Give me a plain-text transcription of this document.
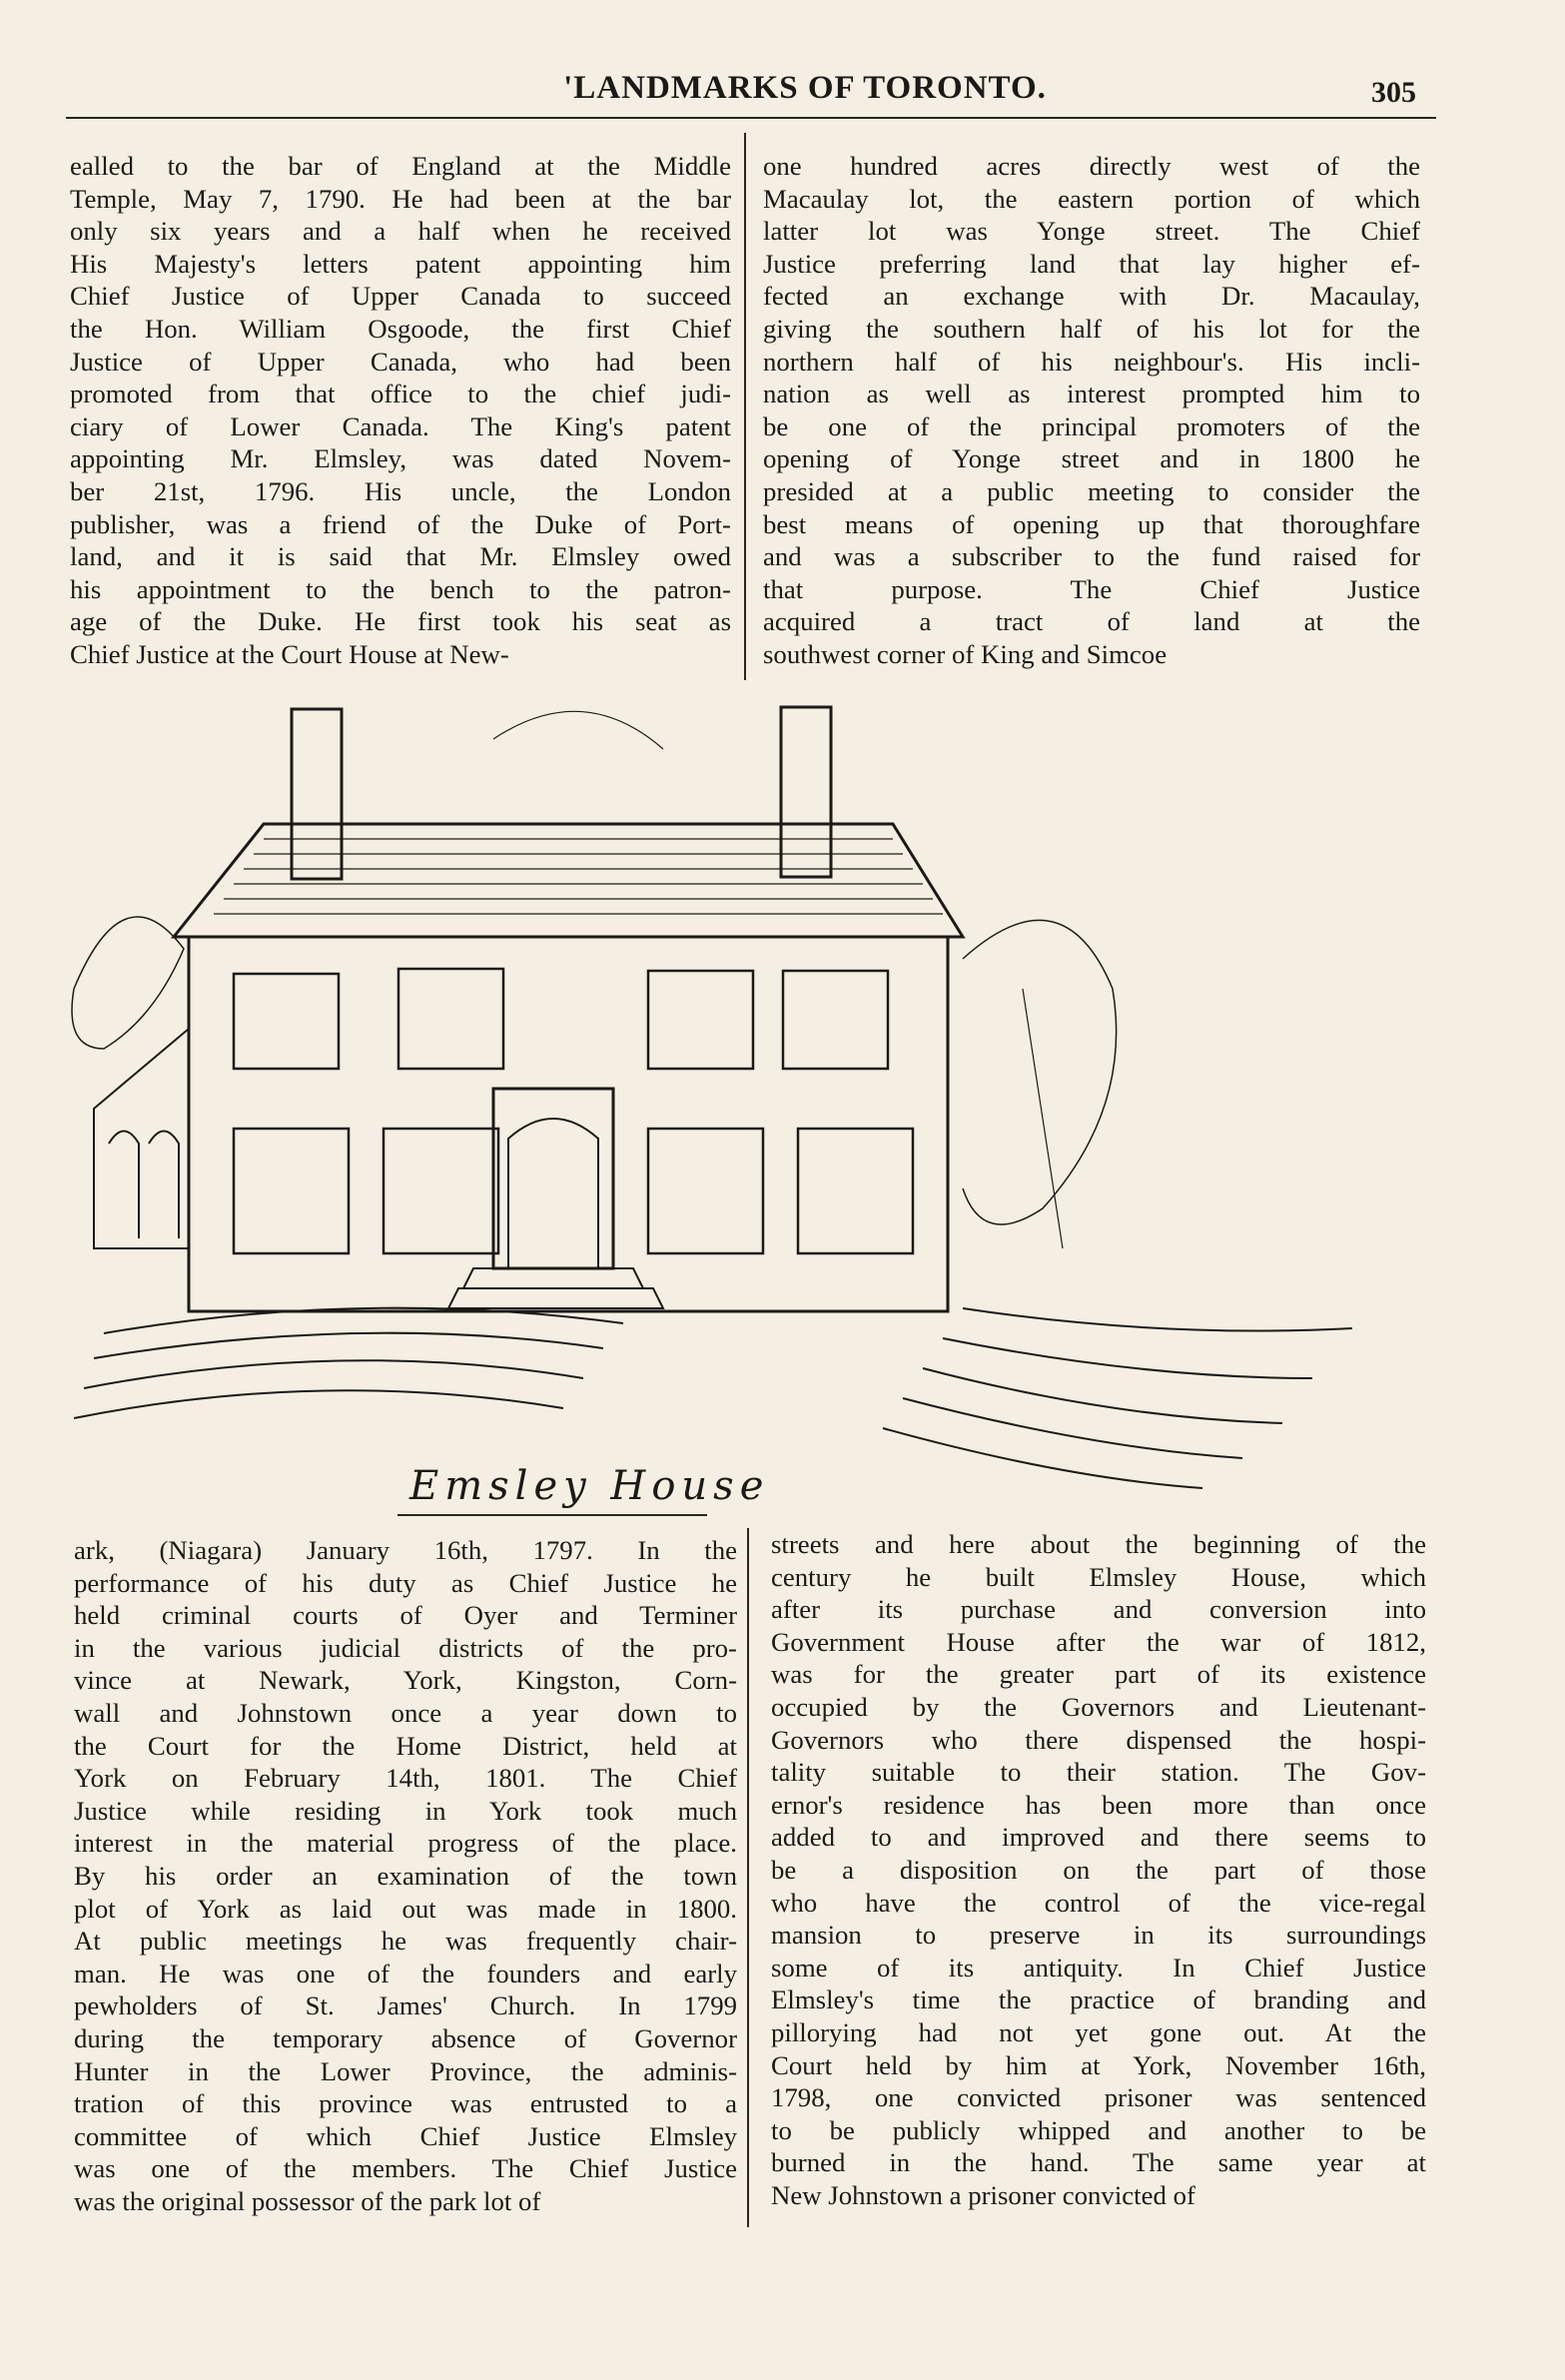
'LANDMARKS OF TORONTO.	305
ealled to the bar of England at the Middle
Temple, May 7, 1790. He had been at the bar
only six years and a half when he received
His Majesty's letters patent appointing him
Chief Justice of Upper Canada to succeed
the Hon. William Osgoode, the first Chief
Justice of Upper Canada, who had been
promoted from that office to the chief judi-
ciary of Lower Canada. The King's patent
appointing Mr. Elmsley, was dated Novem-
ber 21st, 1796. His uncle, the London
publisher, was a friend of the Duke of Port-
land, and it is said that Mr. Elmsley owed
his appointment to the bench to the patron-
age of the Duke. He first took his seat as
Chief Justice at the Court House at New-
one hundred acres directly west of the
Macaulay lot, the eastern portion of which
latter lot was Yonge street. The Chief
Justice preferring land that lay higher ef-
fected an exchange with Dr. Macaulay,
giving the southern half of his lot for the
northern half of his neighbour's. His incli-
nation as well as interest prompted him to
be one of the principal promoters of the
opening of Yonge street and in 1800 he
presided at a public meeting to consider the
best means of opening up that thoroughfare
and was a subscriber to the fund raised for
that purpose. The Chief Justice
acquired a tract of land at the
southwest corner of King and Simcoe
Emsley House
ark, (Niagara) January 16th, 1797. In the
performance of his duty as Chief Justice he
held criminal courts of Oyer and Terminer
in the various judicial districts of the pro-
vince at Newark, York, Kingston, Corn-
wall and Johnstown once a year down to
the Court for the Home District, held at
York on February 14th, 1801. The Chief
Justice while residing in York took much
interest in the material progress of the place.
By his order an examination of the town
plot of York as laid out was made in 1800.
At public meetings he was frequently chair-
man. He was one of the founders and early
pewholders of St. James' Church. In 1799
during the temporary absence of Governor
Hunter in the Lower Province, the adminis-
tration of this province was entrusted to a
committee of which Chief Justice Elmsley
was one of the members. The Chief Justice
was the original possessor of the park lot of
streets and here about the beginning of the
century he built Elmsley House, which
after its purchase and conversion into
Government House after the war of 1812,
was for the greater part of its existence
occupied by the Governors and Lieutenant-
Governors who there dispensed the hospi-
tality suitable to their station. The Gov-
ernor's residence has been more than once
added to and improved and there seems to
be a disposition on the part of those
who have the control of the vice-regal
mansion to preserve in its surroundings
some of its antiquity. In Chief Justice
Elmsley's time the practice of branding and
pillorying had not yet gone out. At the
Court held by him at York, November 16th,
1798, one convicted prisoner was sentenced
to be publicly whipped and another to be
burned in the hand. The same year at
New Johnstown a prisoner convicted of
